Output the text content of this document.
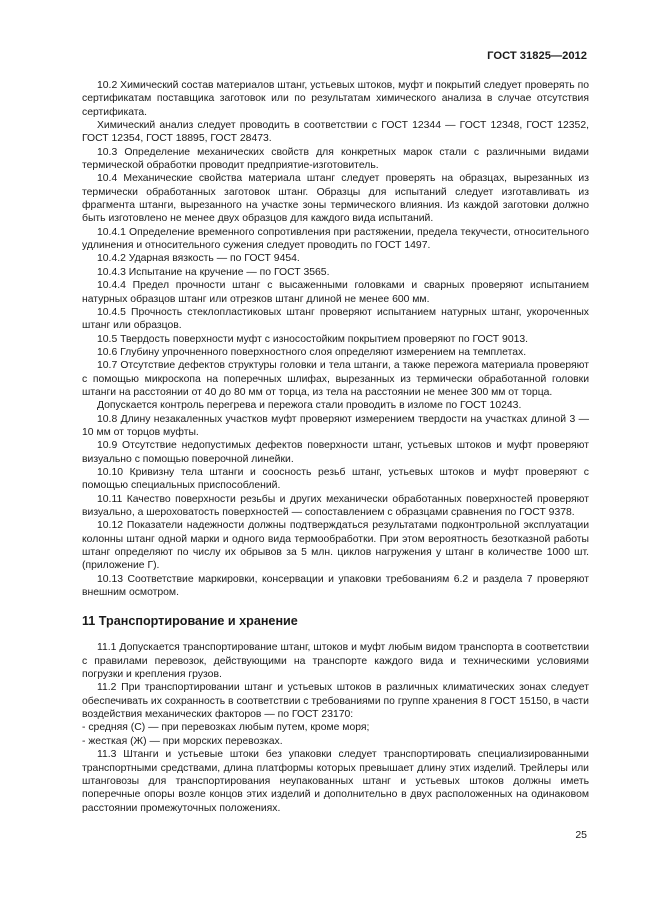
ГОСТ 31825—2012

10.2 Химический состав материалов штанг, устьевых штоков, муфт и покрытий следует проверять по сертификатам поставщика заготовок или по результатам химического анализа в случае отсутствия сертификата.

Химический анализ следует проводить в соответствии с ГОСТ 12344 — ГОСТ 12348, ГОСТ 12352, ГОСТ 12354, ГОСТ 18895, ГОСТ 28473.

10.3 Определение механических свойств для конкретных марок стали с различными видами термической обработки проводит предприятие-изготовитель.

10.4 Механические свойства материала штанг следует проверять на образцах, вырезанных из термически обработанных заготовок штанг. Образцы для испытаний следует изготавливать из фрагмента штанги, вырезанного на участке зоны термического влияния. Из каждой заготовки должно быть изготовлено не менее двух образцов для каждого вида испытаний.

10.4.1 Определение временного сопротивления при растяжении, предела текучести, относительного удлинения и относительного сужения следует проводить по ГОСТ 1497.

10.4.2 Ударная вязкость — по ГОСТ 9454.

10.4.3 Испытание на кручение — по ГОСТ 3565.

10.4.4 Предел прочности штанг с высаженными головками и сварных проверяют испытанием натурных образцов штанг или отрезков штанг длиной не менее 600 мм.

10.4.5 Прочность стеклопластиковых штанг проверяют испытанием натурных штанг, укороченных штанг или образцов.

10.5 Твердость поверхности муфт с износостойким покрытием проверяют по ГОСТ 9013.

10.6 Глубину упрочненного поверхностного слоя определяют измерением на темплетах.

10.7 Отсутствие дефектов структуры головки и тела штанги, а также пережога материала проверяют с помощью микроскопа на поперечных шлифах, вырезанных из термически обработанной головки штанги на расстоянии от 40 до 80 мм от торца, из тела на расстоянии не менее 300 мм от торца.

Допускается контроль перегрева и пережога стали проводить в изломе по ГОСТ 10243.

10.8 Длину незакаленных участков муфт проверяют измерением твердости на участках длиной 3 — 10 мм от торцов муфты.

10.9 Отсутствие недопустимых дефектов поверхности штанг, устьевых штоков и муфт проверяют визуально с помощью поверочной линейки.

10.10 Кривизну тела штанги и соосность резьб штанг, устьевых штоков и муфт проверяют с помощью специальных приспособлений.

10.11 Качество поверхности резьбы и других механически обработанных поверхностей проверяют визуально, а шероховатость поверхностей — сопоставлением с образцами сравнения по ГОСТ 9378.

10.12 Показатели надежности должны подтверждаться результатами подконтрольной эксплуатации колонны штанг одной марки и одного вида термообработки. При этом вероятность безотказной работы штанг определяют по числу их обрывов за 5 млн. циклов нагружения у штанг в количестве 1000 шт. (приложение Г).

10.13 Соответствие маркировки, консервации и упаковки требованиям 6.2 и раздела 7 проверяют внешним осмотром.

11 Транспортирование и хранение

11.1 Допускается транспортирование штанг, штоков и муфт любым видом транспорта в соответствии с правилами перевозок, действующими на транспорте каждого вида и техническими условиями погрузки и крепления грузов.

11.2 При транспортировании штанг и устьевых штоков в различных климатических зонах следует обеспечивать их сохранность в соответствии с требованиями по группе хранения 8 ГОСТ 15150, в части воздействия механических факторов — по ГОСТ 23170:

- средняя (С) — при перевозках любым путем, кроме моря;

- жесткая (Ж) — при морских перевозках.

11.3 Штанги и устьевые штоки без упаковки следует транспортировать специализированными транспортными средствами, длина платформы которых превышает длину этих изделий. Трейлеры или штанговозы для транспортирования неупакованных штанг и устьевых штоков должны иметь поперечные опоры возле концов этих изделий и дополнительно в двух расположенных на одинаковом расстоянии промежуточных положениях.

25
